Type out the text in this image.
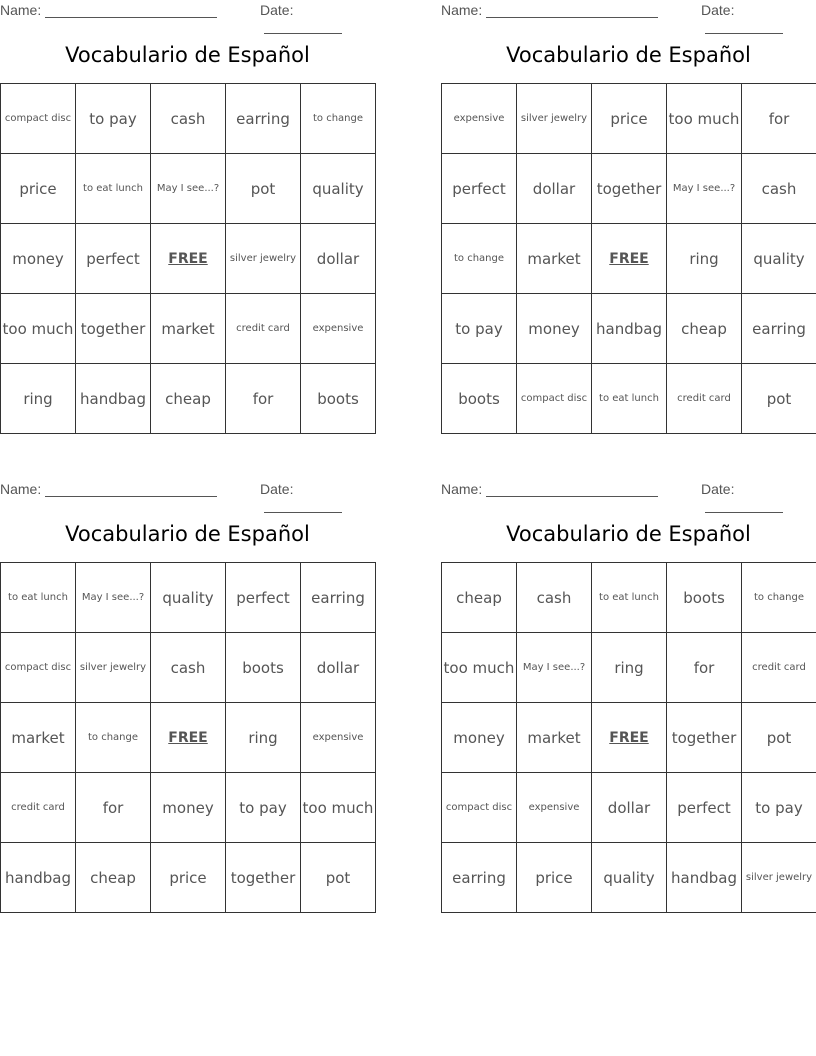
Name:	Date:
Vocabulario de Español
compact disc	to pay	cash	earring	to change
price	to eat lunch	May I see...?	pot	quality
money	perfect	FREE	silver jewelry	dollar
too much	together	market	credit card	expensive
ring	handbag	cheap	for	boots
Name:	Date:
Vocabulario de Español
expensive	silver jewelry	price	too much	for
perfect	dollar	together	May I see...?	cash
to change	market	FREE	ring	quality
to pay	money	handbag	cheap	earring
boots	compact disc	to eat lunch	credit card	pot
Name:	Date:
Vocabulario de Español
to eat lunch	May I see...?	quality	perfect	earring
compact disc	silver jewelry	cash	boots	dollar
market	to change	FREE	ring	expensive
credit card	for	money	to pay	too much
handbag	cheap	price	together	pot
Name:	Date:
Vocabulario de Español
cheap	cash	to eat lunch	boots	to change
too much	May I see...?	ring	for	credit card
money	market	FREE	together	pot
compact disc	expensive	dollar	perfect	to pay
earring	price	quality	handbag	silver jewelry
